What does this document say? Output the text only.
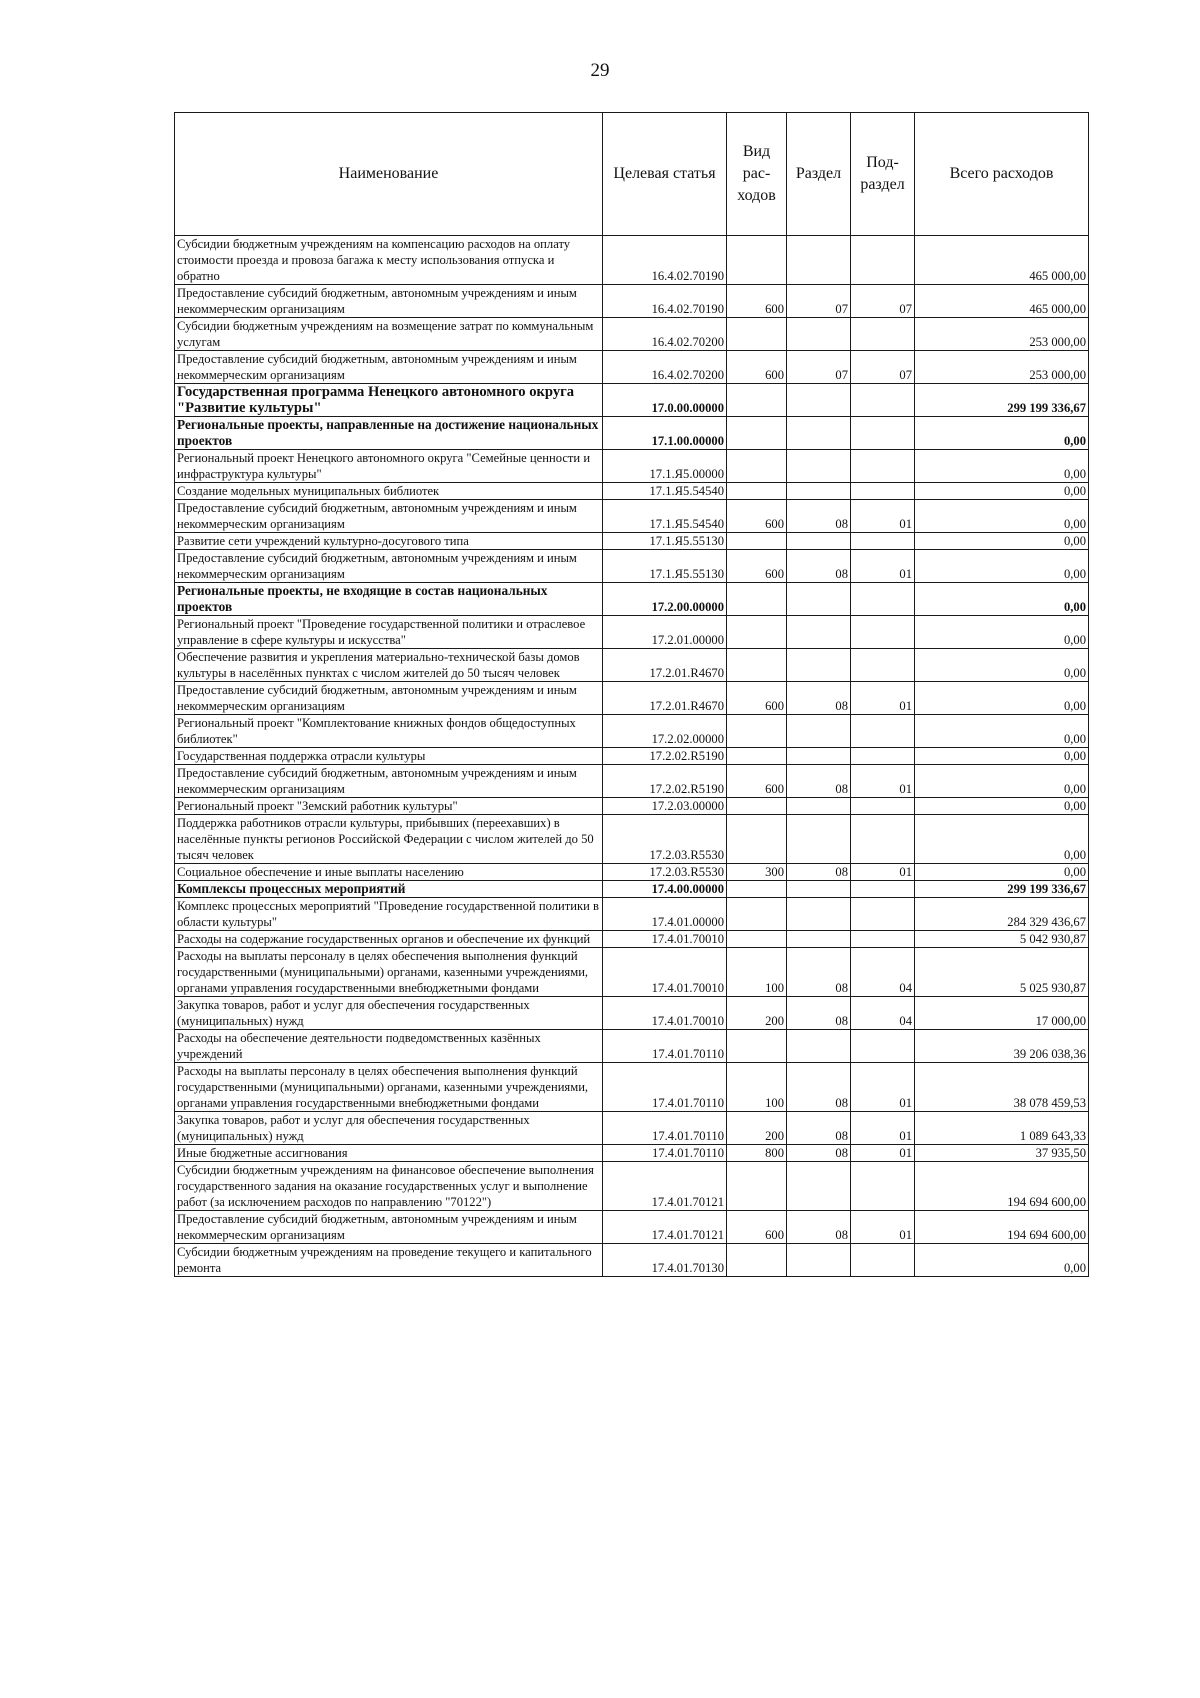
29
Наименование	Целевая статья	Вид рас- ходов	Раздел	Под- раздел	Всего расходов
Субсидии бюджетным учреждениям на компенсацию расходов на оплату стоимости проезда и провоза багажа к месту использования отпуска и обратно	16.4.02.70190				465 000,00
Предоставление субсидий бюджетным, автономным учреждениям и иным некоммерческим организациям	16.4.02.70190	600	07	07	465 000,00
Субсидии бюджетным учреждениям на возмещение затрат по коммунальным услугам	16.4.02.70200				253 000,00
Предоставление субсидий бюджетным, автономным учреждениям и иным некоммерческим организациям	16.4.02.70200	600	07	07	253 000,00
Государственная программа Ненецкого автономного округа "Развитие культуры"	17.0.00.00000				299 199 336,67
Региональные проекты, направленные на достижение национальных проектов	17.1.00.00000				0,00
Региональный проект Ненецкого автономного округа "Семейные ценности и инфраструктура культуры"	17.1.Я5.00000				0,00
Создание модельных муниципальных библиотек	17.1.Я5.54540				0,00
Предоставление субсидий бюджетным, автономным учреждениям и иным некоммерческим организациям	17.1.Я5.54540	600	08	01	0,00
Развитие сети учреждений культурно-досугового типа	17.1.Я5.55130				0,00
Предоставление субсидий бюджетным, автономным учреждениям и иным некоммерческим организациям	17.1.Я5.55130	600	08	01	0,00
Региональные проекты, не входящие в состав национальных проектов	17.2.00.00000				0,00
Региональный проект "Проведение государственной политики и отраслевое управление в сфере культуры и искусства"	17.2.01.00000				0,00
Обеспечение развития и укрепления материально-технической базы домов культуры в населённых пунктах с числом жителей до 50 тысяч человек	17.2.01.R4670				0,00
Предоставление субсидий бюджетным, автономным учреждениям и иным некоммерческим организациям	17.2.01.R4670	600	08	01	0,00
Региональный проект "Комплектование книжных фондов общедоступных библиотек"	17.2.02.00000				0,00
Государственная поддержка отрасли культуры	17.2.02.R5190				0,00
Предоставление субсидий бюджетным, автономным учреждениям и иным некоммерческим организациям	17.2.02.R5190	600	08	01	0,00
Региональный проект "Земский работник культуры"	17.2.03.00000				0,00
Поддержка работников отрасли культуры, прибывших (переехавших) в населённые пункты регионов Российской Федерации с числом жителей до 50 тысяч человек	17.2.03.R5530				0,00
Социальное обеспечение и иные выплаты населению	17.2.03.R5530	300	08	01	0,00
Комплексы процессных мероприятий	17.4.00.00000				299 199 336,67
Комплекс процессных мероприятий "Проведение государственной политики в области культуры"	17.4.01.00000				284 329 436,67
Расходы на содержание государственных органов и обеспечение их функций	17.4.01.70010				5 042 930,87
Расходы на выплаты персоналу в целях обеспечения выполнения функций государственными (муниципальными) органами, казенными учреждениями, органами управления государственными внебюджетными фондами	17.4.01.70010	100	08	04	5 025 930,87
Закупка товаров, работ и услуг для обеспечения государственных (муниципальных) нужд	17.4.01.70010	200	08	04	17 000,00
Расходы на обеспечение деятельности подведомственных казённых учреждений	17.4.01.70110				39 206 038,36
Расходы на выплаты персоналу в целях обеспечения выполнения функций государственными (муниципальными) органами, казенными учреждениями, органами управления государственными внебюджетными фондами	17.4.01.70110	100	08	01	38 078 459,53
Закупка товаров, работ и услуг для обеспечения государственных (муниципальных) нужд	17.4.01.70110	200	08	01	1 089 643,33
Иные бюджетные ассигнования	17.4.01.70110	800	08	01	37 935,50
Субсидии бюджетным учреждениям на финансовое обеспечение выполнения государственного задания на оказание государственных услуг и выполнение работ (за исключением расходов по направлению "70122")	17.4.01.70121				194 694 600,00
Предоставление субсидий бюджетным, автономным учреждениям и иным некоммерческим организациям	17.4.01.70121	600	08	01	194 694 600,00
Субсидии бюджетным учреждениям на проведение текущего и капитального ремонта	17.4.01.70130				0,00
